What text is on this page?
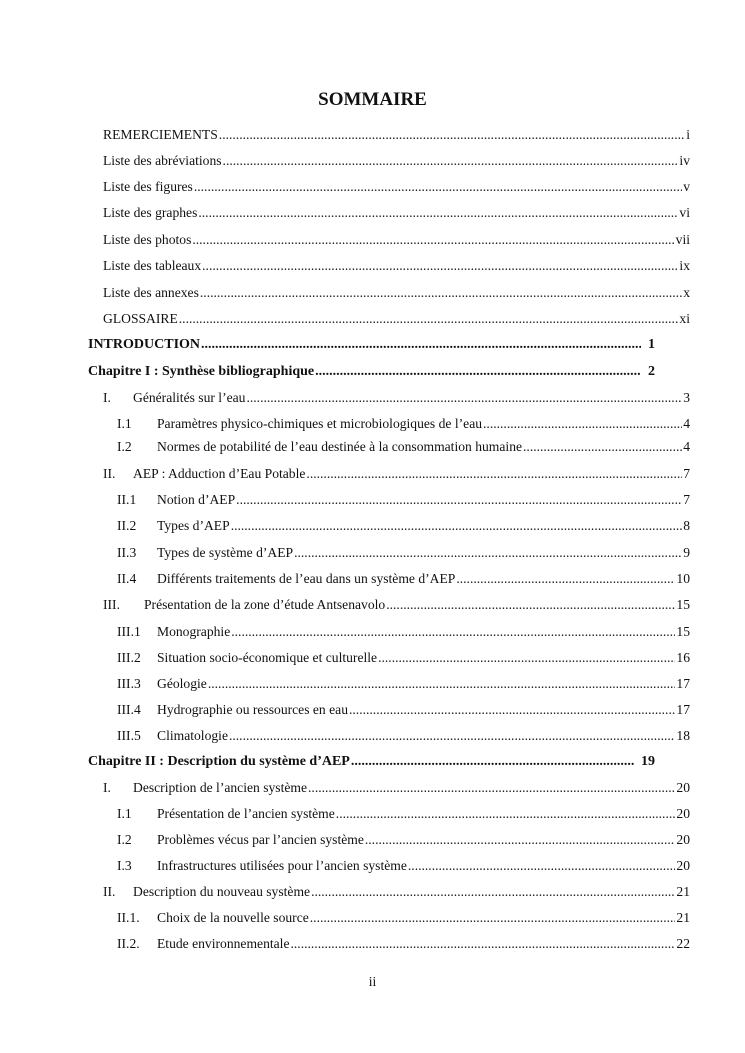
SOMMAIRE
REMERCIEMENTS .....	i
Liste des abréviations .....	iv
Liste des figures .....	v
Liste des graphes .....	vi
Liste des photos .....	vii
Liste des tableaux .....	ix
Liste des annexes .....	x
GLOSSAIRE .....	xi
INTRODUCTION .....	1
Chapitre I : Synthèse bibliographique .....	2
I.	Généralités sur l’eau .....	3
I.1	Paramètres physico-chimiques et microbiologiques de l’eau .....	4
I.2	Normes de potabilité de l’eau destinée à la consommation humaine .....	4
II.	AEP : Adduction d’Eau Potable .....	7
II.1	Notion d’AEP .....	7
II.2	Types d’AEP .....	8
II.3	Types de système d’AEP .....	9
II.4	Différents traitements de l’eau dans un système d’AEP .....	10
III.	Présentation de la zone d’étude Antsenavolo .....	15
III.1	Monographie .....	15
III.2	Situation socio-économique et culturelle .....	16
III.3	Géologie .....	17
III.4	Hydrographie ou ressources en eau .....	17
III.5	Climatologie .....	18
Chapitre II : Description du système d’AEP .....	19
I.	Description de l’ancien système .....	20
I.1	Présentation de l’ancien système .....	20
I.2	Problèmes vécus par l’ancien système .....	20
I.3	Infrastructures utilisées pour l’ancien système .....	20
II.	Description du nouveau système .....	21
II.1.	Choix de la nouvelle source .....	21
II.2.	Etude environnementale .....	22
ii
